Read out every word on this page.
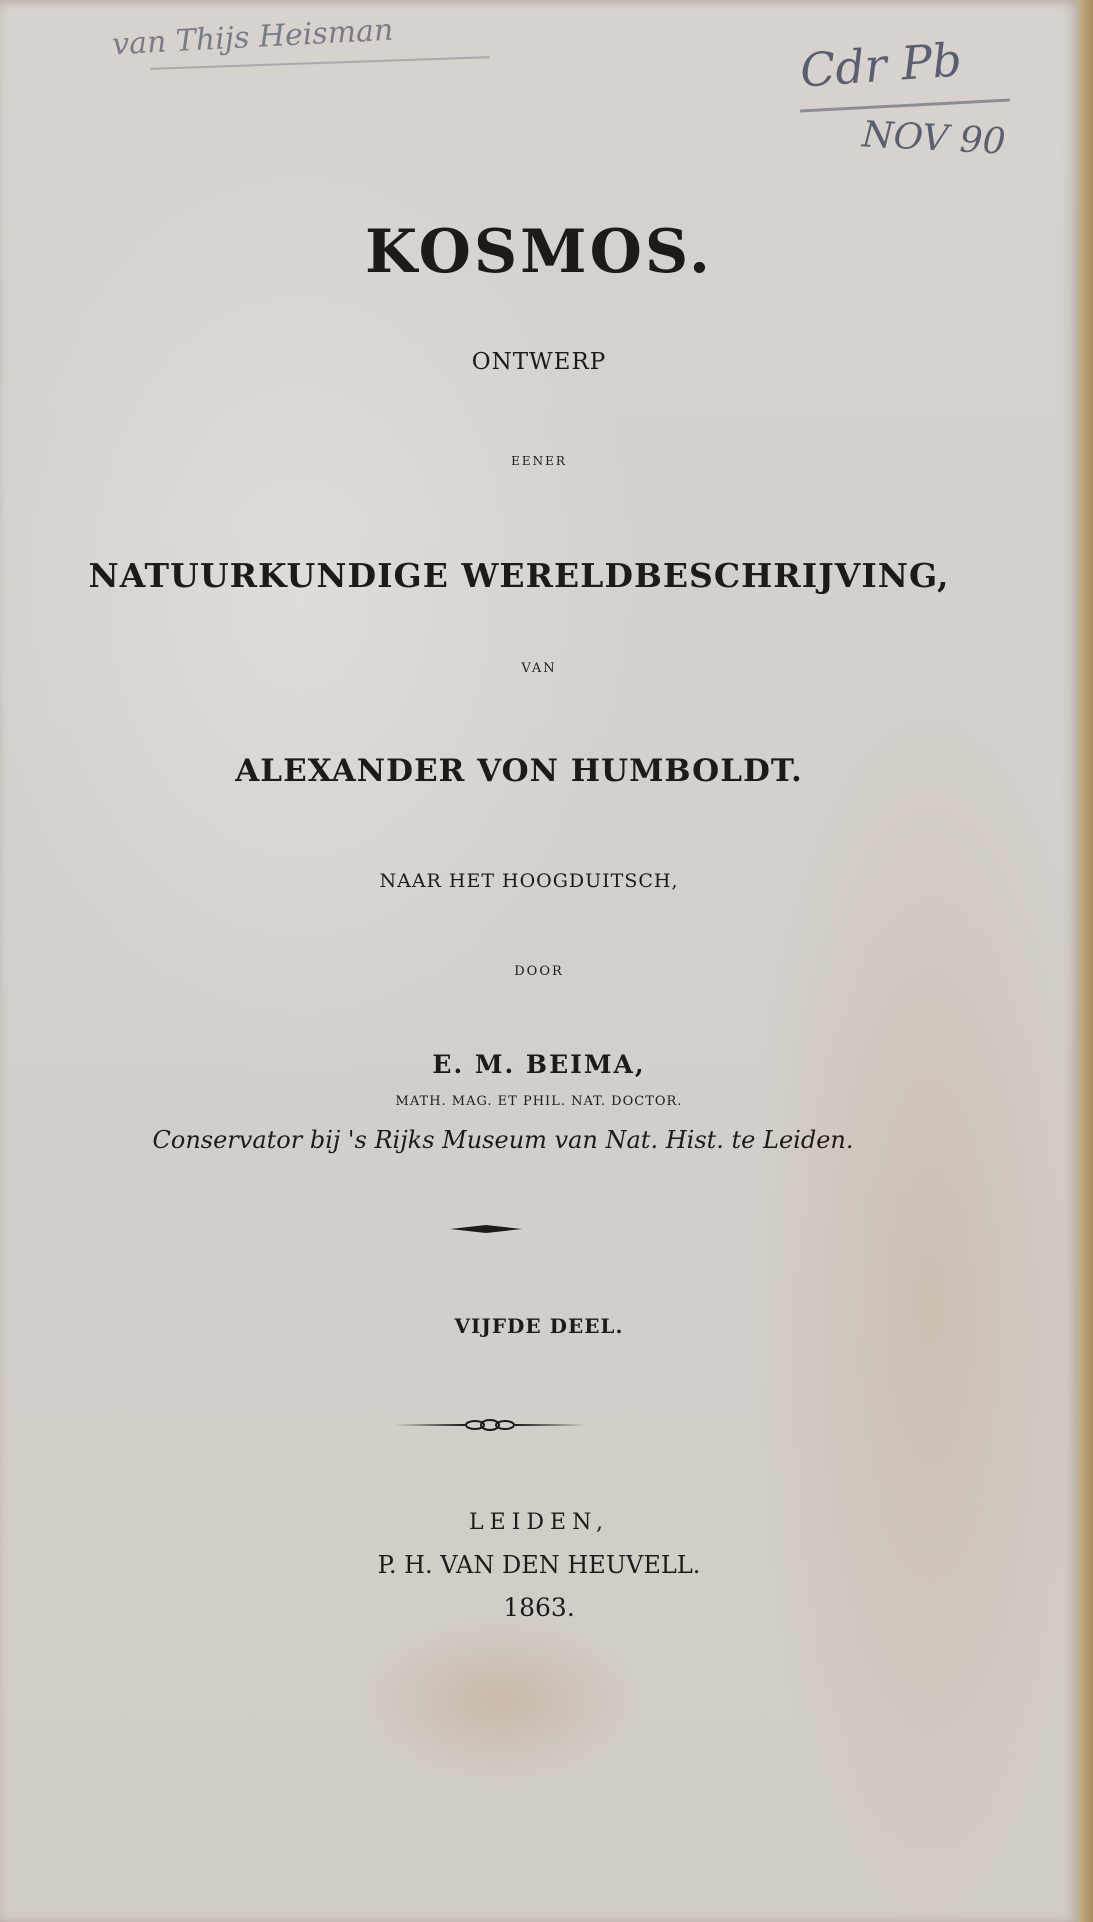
van Thijs Heisman	Cdr Pb
NOV 90
KOSMOS.
ONTWERP
EENER
NATUURKUNDIGE WERELDBESCHRIJVING,
VAN
ALEXANDER VON HUMBOLDT.
NAAR HET HOOGDUITSCH,
DOOR
E. M. BEIMA,
MATH. MAG. ET PHIL. NAT. DOCTOR.
Conservator bij 's Rijks Museum van Nat. Hist. te Leiden.
VIJFDE DEEL.
LEIDEN,
P. H. VAN DEN HEUVELL.
1863.
